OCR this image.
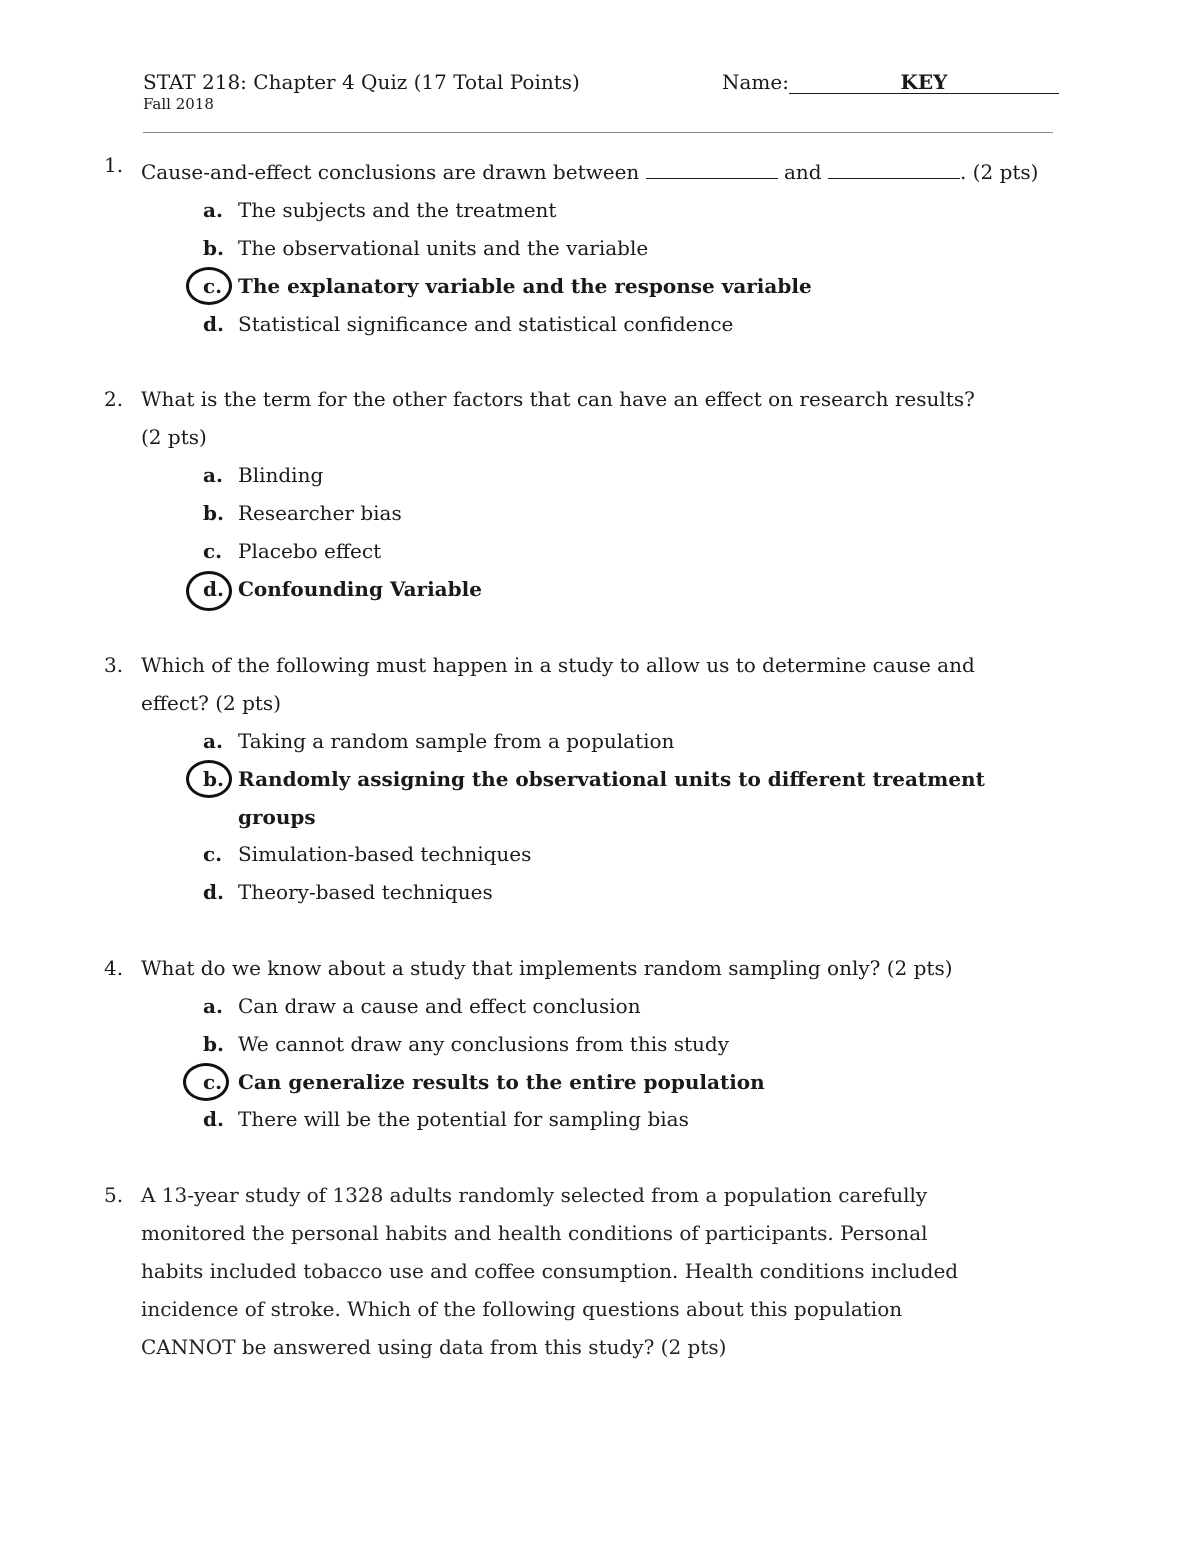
STAT 218: Chapter 4 Quiz (17 Total Points)	Name:	KEY
Fall 2018
1. Cause-and-effect conclusions are drawn between	and	. (2 pts)
a. The subjects and the treatment
b. The observational units and the variable
c. The explanatory variable and the response variable
d. Statistical significance and statistical confidence
2. What is the term for the other factors that can have an effect on research results?
(2 pts)
a. Blinding
b. Researcher bias
c. Placebo effect
d. Confounding Variable
3. Which of the following must happen in a study to allow us to determine cause and
effect? (2 pts)
a. Taking a random sample from a population
b. Randomly assigning the observational units to different treatment
groups
c. Simulation-based techniques
d. Theory-based techniques
4. What do we know about a study that implements random sampling only? (2 pts)
a. Can draw a cause and effect conclusion
b. We cannot draw any conclusions from this study
c. Can generalize results to the entire population
d. There will be the potential for sampling bias
5. A 13-year study of 1328 adults randomly selected from a population carefully
monitored the personal habits and health conditions of participants. Personal
habits included tobacco use and coffee consumption. Health conditions included
incidence of stroke. Which of the following questions about this population
CANNOT be answered using data from this study? (2 pts)
